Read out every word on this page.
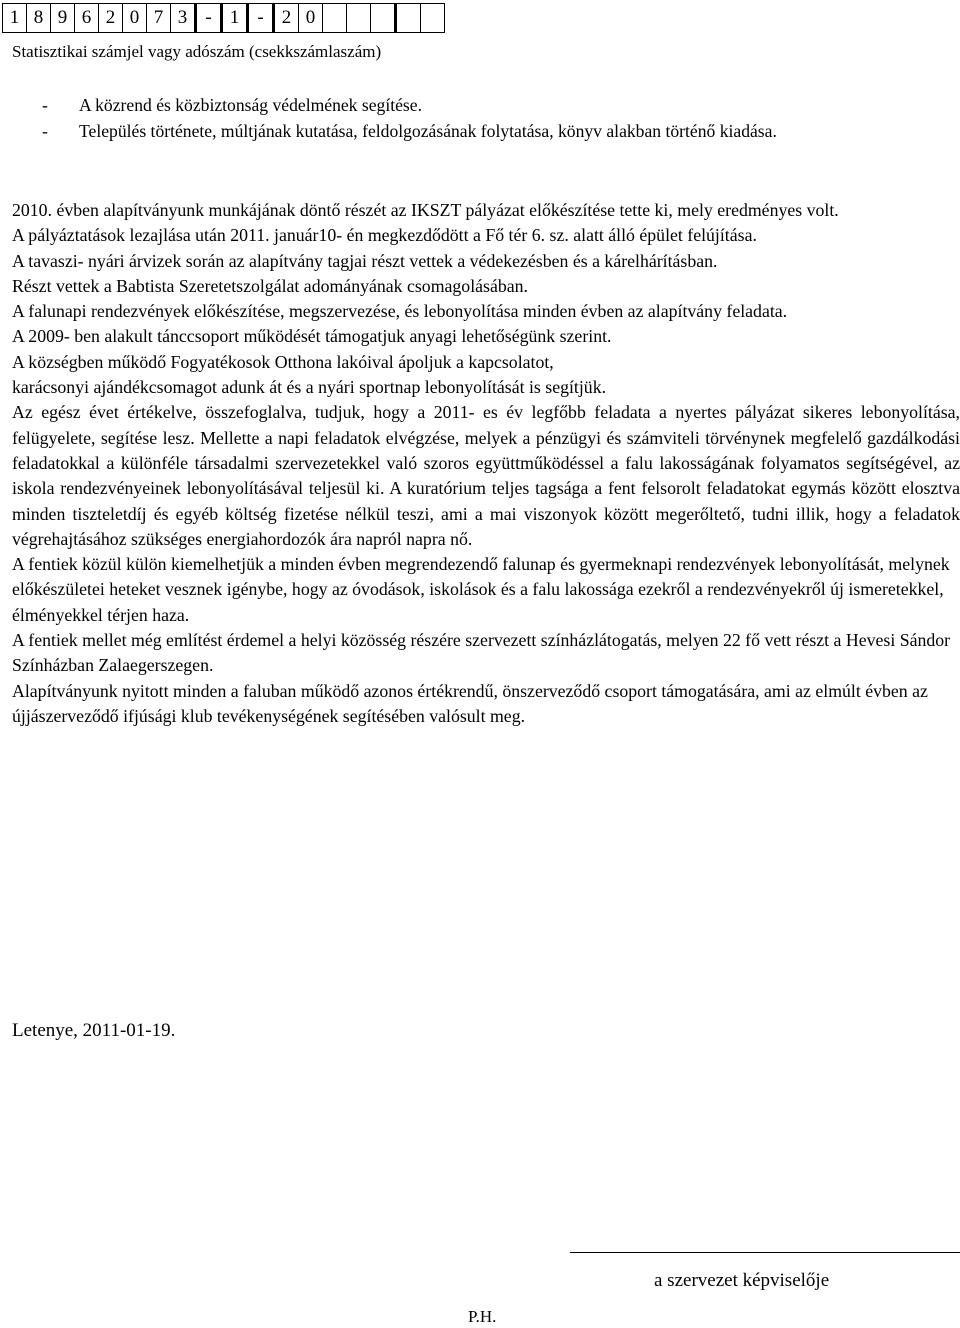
1	8	9	6	2	0	7	3	-	1	-	2	0					
Statisztikai számjel vagy adószám (csekkszámlaszám)
- A közrend és közbiztonság védelmének segítése.
- Település története, múltjának kutatása, feldolgozásának folytatása, könyv alakban történő kiadása.

2010. évben alapítványunk munkájának döntő részét az IKSZT pályázat előkészítése tette ki, mely eredményes volt.

A pályáztatások lezajlása után 2011. január10- én megkezdődött a Fő tér 6. sz. alatt álló épület felújítása.

A tavaszi- nyári árvizek során az alapítvány tagjai részt vettek a védekezésben és a kárelhárításban.

Részt vettek a Babtista Szeretetszolgálat adományának csomagolásában.

A falunapi rendezvények előkészítése, megszervezése, és lebonyolítása minden évben az alapítvány feladata.

A 2009- ben alakult tánccsoport működését támogatjuk anyagi lehetőségünk szerint.

A községben működő Fogyatékosok Otthona lakóival ápoljuk a kapcsolatot,

karácsonyi ajándékcsomagot adunk át és a nyári sportnap lebonyolítását is segítjük.

Az egész évet értékelve, összefoglalva, tudjuk, hogy a 2011- es év legfőbb feladata a nyertes pályázat sikeres lebonyolítása, felügyelete, segítése lesz. Mellette a napi feladatok elvégzése, melyek a pénzügyi és számviteli törvénynek megfelelő gazdálkodási feladatokkal a különféle társadalmi szervezetekkel való szoros együttműködéssel a falu lakosságának folyamatos segítségével, az iskola rendezvényeinek lebonyolításával teljesül ki. A kuratórium teljes tagsága a fent felsorolt feladatokat egymás között elosztva minden tiszteletdíj és egyéb költség fizetése nélkül teszi, ami a mai viszonyok között megerőltető, tudni illik, hogy a feladatok végrehajtásához szükséges energiahordozók ára napról napra nő.

A fentiek közül külön kiemelhetjük a minden évben megrendezendő falunap és gyermeknapi rendezvények lebonyolítását, melynek előkészületei heteket vesznek igénybe, hogy az óvodások, iskolások és a falu lakossága ezekről a rendezvényekről új ismeretekkel, élményekkel térjen haza.

A fentiek mellet még említést érdemel a helyi közösség részére szervezett színházlátogatás, melyen 22 fő vett részt a Hevesi Sándor Színházban Zalaegerszegen.

Alapítványunk nyitott minden a faluban működő azonos értékrendű, önszerveződő csoport támogatására, ami az elmúlt évben az újjászerveződő ifjúsági klub tevékenységének segítésében valósult meg.

Letenye, 2011-01-19.
a szervezet képviselője
P.H.
